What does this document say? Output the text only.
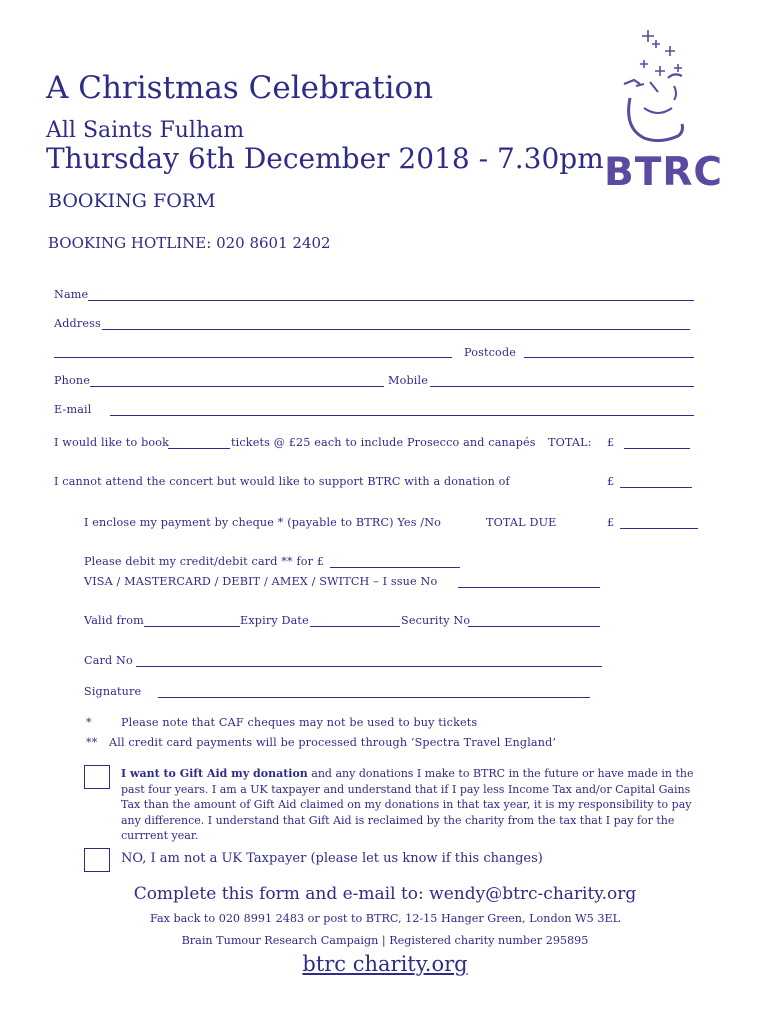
A Christmas Celebration
All Saints Fulham
Thursday 6th December 2018 - 7.30pm
BOOKING FORM
BOOKING HOTLINE: 020 8601 2402
BTRC
Name
Address
Postcode
Phone	Mobile
E-mail
I would like to book	tickets @ £25 each to include Prosecco and canapés TOTAL: £
I cannot attend the concert but would like to support BTRC with a donation of	£
I enclose my payment by cheque * (payable to BTRC) Yes /No	TOTAL DUE	£
Please debit my credit/debit card ** for £
VISA / MASTERCARD / DEBIT / AMEX / SWITCH – I ssue No
Valid from	Expiry Date	Security No
Card No
Signature
*	Please note that CAF cheques may not be used to buy tickets
** All credit card payments will be processed through ‘Spectra Travel England’
I want to Gift Aid my donation and any donations I make to BTRC in the future or have made in the past four years. I am a UK taxpayer and understand that if I pay less Income Tax and/or Capital Gains Tax than the amount of Gift Aid claimed on my donations in that tax year, it is my responsibility to pay any difference. I understand that Gift Aid is reclaimed by the charity from the tax that I pay for the currrent year.
NO, I am not a UK Taxpayer (please let us know if this changes)
Complete this form and e-mail to: wendy@btrc-charity.org
Fax back to 020 8991 2483 or post to BTRC, 12-15 Hanger Green, London W5 3EL
Brain Tumour Research Campaign | Registered charity number 295895
btrc charity.org
